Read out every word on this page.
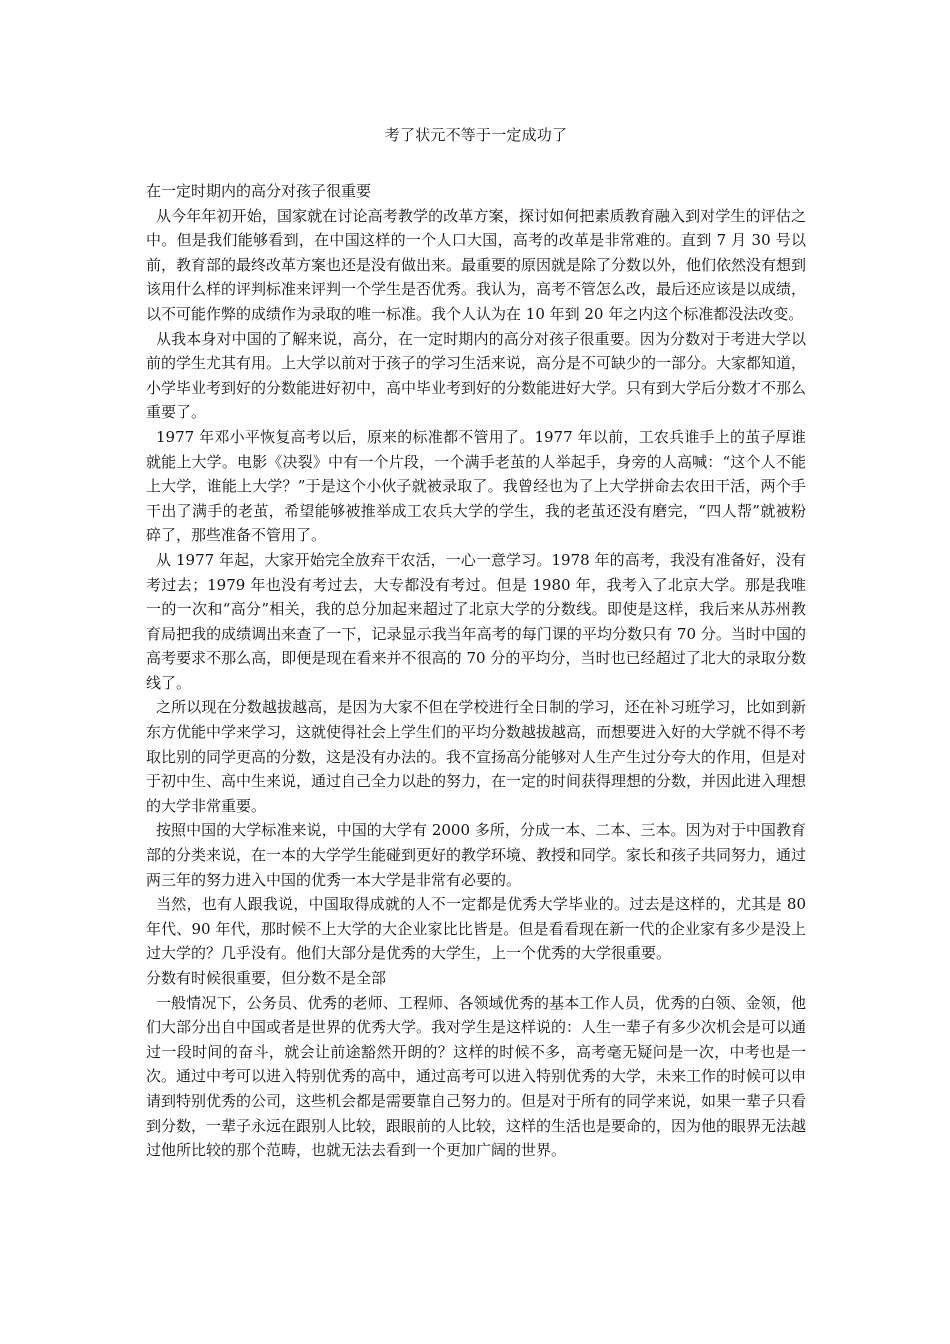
考了状元不等于一定成功了
在一定时期内的高分对孩子很重要

从今年年初开始，国家就在讨论高考教学的改革方案，探讨如何把素质教育融入到对学生的评估之中。但是我们能够看到，在中国这样的一个人口大国，高考的改革是非常难的。直到 7 月 30 号以前，教育部的最终改革方案也还是没有做出来。最重要的原因就是除了分数以外，他们依然没有想到该用什么样的评判标准来评判一个学生是否优秀。我认为，高考不管怎么改，最后还应该是以成绩，以不可能作弊的成绩作为录取的唯一标准。我个人认为在 10 年到 20 年之内这个标准都没法改变。

从我本身对中国的了解来说，高分，在一定时期内的高分对孩子很重要。因为分数对于考进大学以前的学生尤其有用。上大学以前对于孩子的学习生活来说，高分是不可缺少的一部分。大家都知道，小学毕业考到好的分数能进好初中，高中毕业考到好的分数能进好大学。只有到大学后分数才不那么重要了。

1977 年邓小平恢复高考以后，原来的标准都不管用了。1977 年以前，工农兵谁手上的茧子厚谁就能上大学。电影《决裂》中有一个片段，一个满手老茧的人举起手，身旁的人高喊：“这个人不能上大学，谁能上大学？”于是这个小伙子就被录取了。我曾经也为了上大学拼命去农田干活，两个手干出了满手的老茧，希望能够被推举成工农兵大学的学生，我的老茧还没有磨完，“四人帮”就被粉碎了，那些准备不管用了。

从 1977 年起，大家开始完全放弃干农活，一心一意学习。1978 年的高考，我没有准备好，没有考过去；1979 年也没有考过去，大专都没有考过。但是 1980 年，我考入了北京大学。那是我唯一的一次和“高分”相关，我的总分加起来超过了北京大学的分数线。即使是这样，我后来从苏州教育局把我的成绩调出来查了一下，记录显示我当年高考的每门课的平均分数只有 70 分。当时中国的高考要求不那么高，即便是现在看来并不很高的 70 分的平均分，当时也已经超过了北大的录取分数线了。

之所以现在分数越拔越高，是因为大家不但在学校进行全日制的学习，还在补习班学习，比如到新东方优能中学来学习，这就使得社会上学生们的平均分数越拔越高，而想要进入好的大学就不得不考取比别的同学更高的分数，这是没有办法的。我不宣扬高分能够对人生产生过分夸大的作用，但是对于初中生、高中生来说，通过自己全力以赴的努力，在一定的时间获得理想的分数，并因此进入理想的大学非常重要。

按照中国的大学标准来说，中国的大学有 2000 多所，分成一本、二本、三本。因为对于中国教育部的分类来说，在一本的大学学生能碰到更好的教学环境、教授和同学。家长和孩子共同努力，通过两三年的努力进入中国的优秀一本大学是非常有必要的。

当然，也有人跟我说，中国取得成就的人不一定都是优秀大学毕业的。过去是这样的，尤其是 80 年代、90 年代，那时候不上大学的大企业家比比皆是。但是看看现在新一代的企业家有多少是没上过大学的？几乎没有。他们大部分是优秀的大学生，上一个优秀的大学很重要。

分数有时候很重要，但分数不是全部

一般情况下，公务员、优秀的老师、工程师、各领域优秀的基本工作人员，优秀的白领、金领，他们大部分出自中国或者是世界的优秀大学。我对学生是这样说的：人生一辈子有多少次机会是可以通过一段时间的奋斗，就会让前途豁然开朗的？这样的时候不多，高考毫无疑问是一次，中考也是一次。通过中考可以进入特别优秀的高中，通过高考可以进入特别优秀的大学，未来工作的时候可以申请到特别优秀的公司，这些机会都是需要靠自己努力的。但是对于所有的同学来说，如果一辈子只看到分数，一辈子永远在跟别人比较，跟眼前的人比较，这样的生活也是要命的，因为他的眼界无法越过他所比较的那个范畴，也就无法去看到一个更加广阔的世界。
